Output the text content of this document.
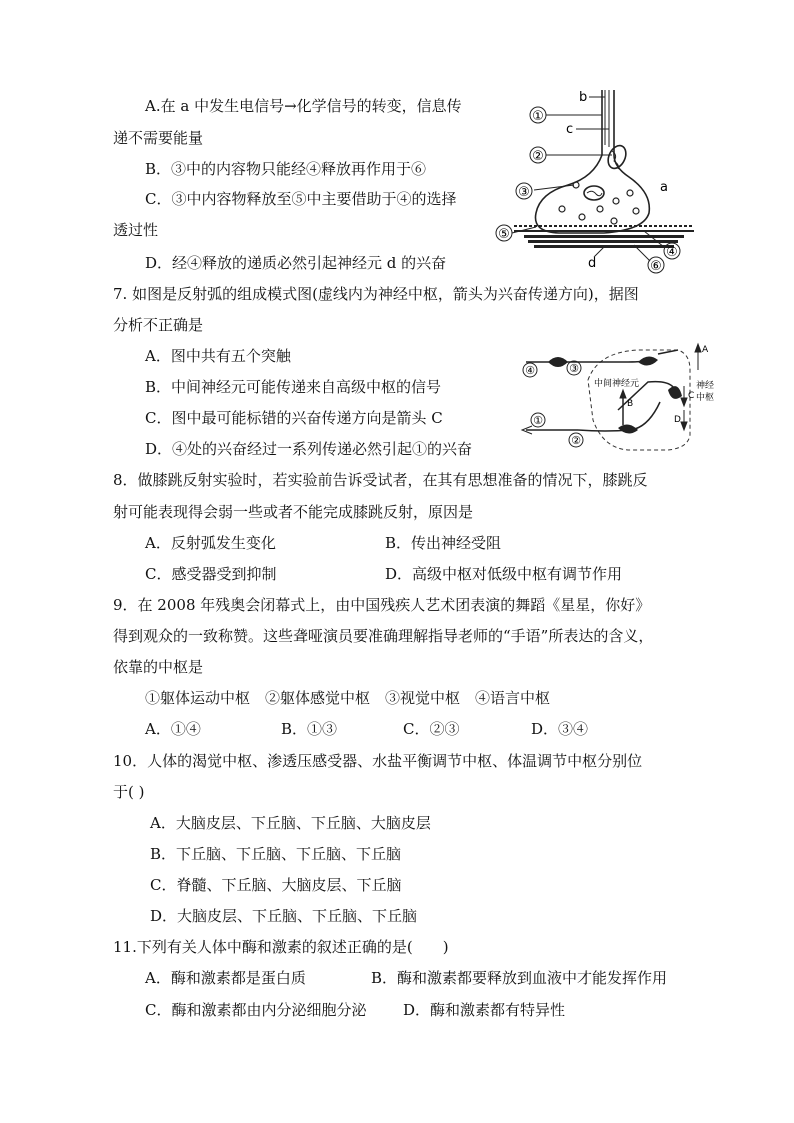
A.在 a 中发生电信号→化学信号的转变，信息传
递不需要能量
B．③中的内容物只能经④释放再作用于⑥
C．③中内容物释放至⑤中主要借助于④的选择
透过性
D．经④释放的递质必然引起神经元 d 的兴奋
①
②
③
④
⑤
⑥
a
b
c
d
7. 如图是反射弧的组成模式图(虚线内为神经中枢，箭头为兴奋传递方向)，据图
分析不正确是
A．图中共有五个突触
B．中间神经元可能传递来自高级中枢的信号
C．图中最可能标错的兴奋传递方向是箭头 C
D．④处的兴奋经过一系列传递必然引起①的兴奋
④	③
①
②
A
B
C
D
中间神经元	神经
中枢
8．做膝跳反射实验时，若实验前告诉受试者，在其有思想准备的情况下，膝跳反
射可能表现得会弱一些或者不能完成膝跳反射，原因是
A．反射弧发生变化	B．传出神经受阻
C．感受器受到抑制	D．高级中枢对低级中枢有调节作用
9．在 2008 年残奥会闭幕式上，由中国残疾人艺术团表演的舞蹈《星星，你好》
得到观众的一致称赞。这些聋哑演员要准确理解指导老师的“手语”所表达的含义，
依靠的中枢是
①躯体运动中枢　②躯体感觉中枢　③视觉中枢　④语言中枢
A．①④	B．①③	C．②③	D．③④
10．人体的渴觉中枢、渗透压感受器、水盐平衡调节中枢、体温调节中枢分别位
于( )
A．大脑皮层、下丘脑、下丘脑、大脑皮层
B．下丘脑、下丘脑、下丘脑、下丘脑
C．脊髓、下丘脑、大脑皮层、下丘脑
D．大脑皮层、下丘脑、下丘脑、下丘脑
11.下列有关人体中酶和激素的叙述正确的是(　　)
A．酶和激素都是蛋白质	B．酶和激素都要释放到血液中才能发挥作用
C．酶和激素都由内分泌细胞分泌 D．酶和激素都有特异性
